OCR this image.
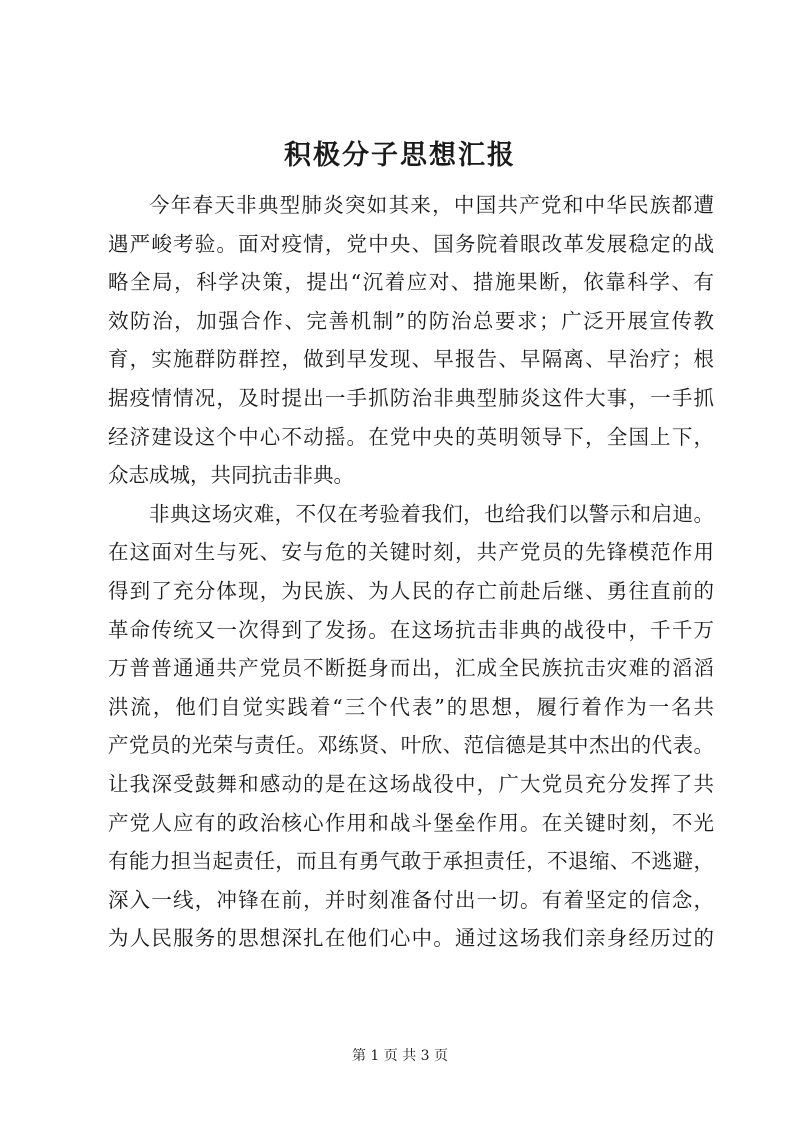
积极分子思想汇报
今年春天非典型肺炎突如其来，中国共产党和中华民族都遭
遇严峻考验。面对疫情，党中央、国务院着眼改革发展稳定的战
略全局，科学决策，提出“沉着应对、措施果断，依靠科学、有
效防治，加强合作、完善机制”的防治总要求；广泛开展宣传教
育，实施群防群控，做到早发现、早报告、早隔离、早治疗；根
据疫情情况，及时提出一手抓防治非典型肺炎这件大事，一手抓
经济建设这个中心不动摇。在党中央的英明领导下，全国上下，
众志成城，共同抗击非典。
非典这场灾难，不仅在考验着我们，也给我们以警示和启迪。
在这面对生与死、安与危的关键时刻，共产党员的先锋模范作用
得到了充分体现，为民族、为人民的存亡前赴后继、勇往直前的
革命传统又一次得到了发扬。在这场抗击非典的战役中，千千万
万普普通通共产党员不断挺身而出，汇成全民族抗击灾难的滔滔
洪流，他们自觉实践着“三个代表”的思想，履行着作为一名共
产党员的光荣与责任。邓练贤、叶欣、范信德是其中杰出的代表。
让我深受鼓舞和感动的是在这场战役中，广大党员充分发挥了共
产党人应有的政治核心作用和战斗堡垒作用。在关键时刻，不光
有能力担当起责任，而且有勇气敢于承担责任，不退缩、不逃避，
深入一线，冲锋在前，并时刻准备付出一切。有着坚定的信念，
为人民服务的思想深扎在他们心中。通过这场我们亲身经历过的
第 1 页 共 3 页
